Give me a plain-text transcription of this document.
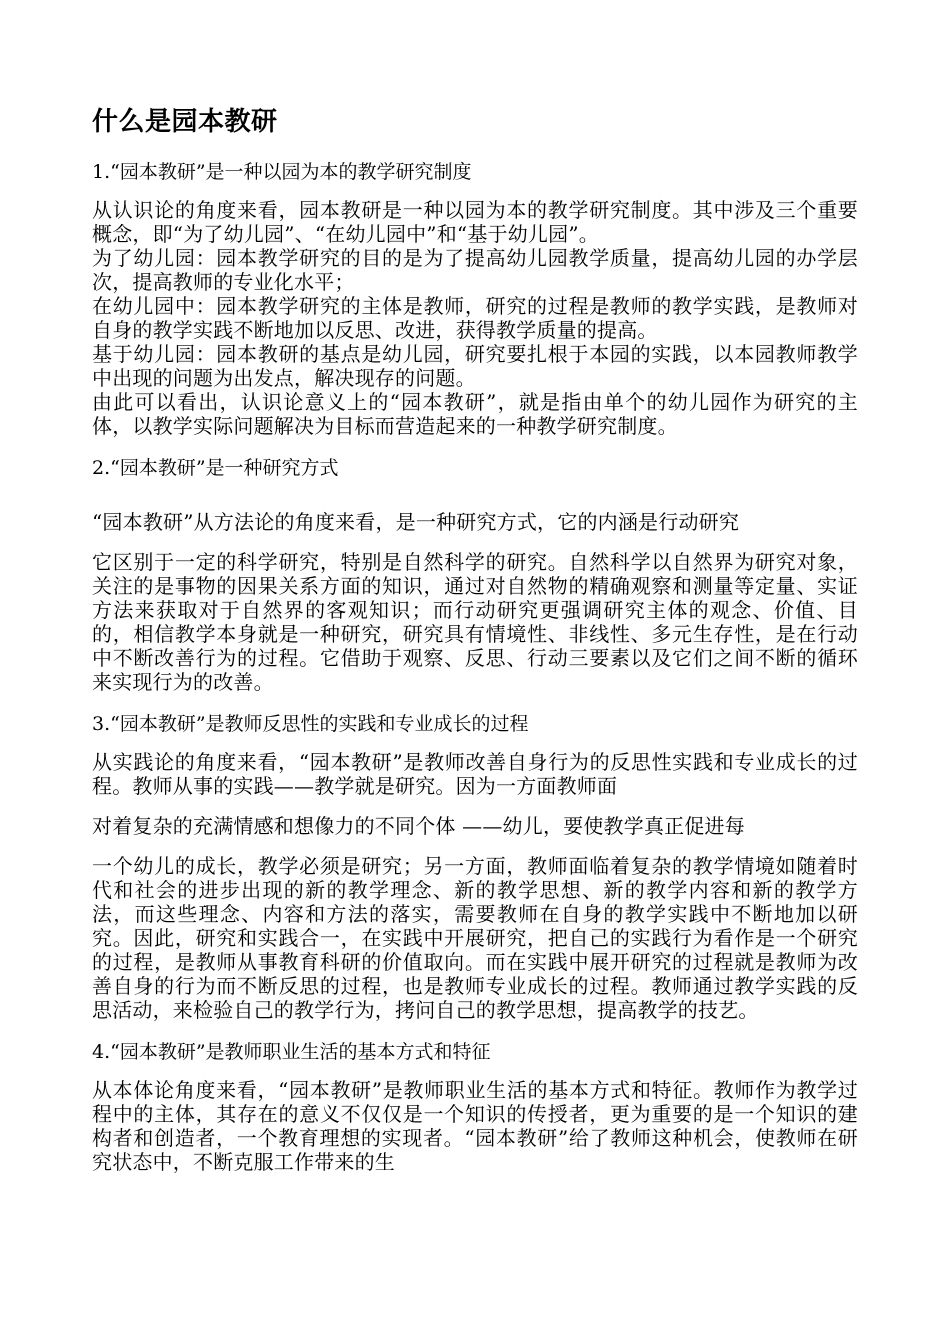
什么是园本教研
1.“园本教研”是一种以园为本的教学研究制度

从认识论的角度来看，园本教研是一种以园为本的教学研究制度。其中涉及三个重要概念，即“为了幼儿园”、“在幼儿园中”和“基于幼儿园”。

为了幼儿园：园本教学研究的目的是为了提高幼儿园教学质量，提高幼儿园的办学层次，提高教师的专业化水平；

在幼儿园中：园本教学研究的主体是教师，研究的过程是教师的教学实践，是教师对自身的教学实践不断地加以反思、改进，获得教学质量的提高。

基于幼儿园：园本教研的基点是幼儿园，研究要扎根于本园的实践，以本园教师教学中出现的问题为出发点，解决现存的问题。

由此可以看出，认识论意义上的“园本教研”，就是指由单个的幼儿园作为研究的主体，以教学实际问题解决为目标而营造起来的一种教学研究制度。

2.“园本教研”是一种研究方式

“园本教研”从方法论的角度来看，是一种研究方式，它的内涵是行动研究

它区别于一定的科学研究，特别是自然科学的研究。自然科学以自然界为研究对象，关注的是事物的因果关系方面的知识，通过对自然物的精确观察和测量等定量、实证方法来获取对于自然界的客观知识；而行动研究更强调研究主体的观念、价值、目的，相信教学本身就是一种研究，研究具有情境性、非线性、多元生存性，是在行动中不断改善行为的过程。它借助于观察、反思、行动三要素以及它们之间不断的循环来实现行为的改善。

3.“园本教研”是教师反思性的实践和专业成长的过程

从实践论的角度来看，“园本教研”是教师改善自身行为的反思性实践和专业成长的过程。教师从事的实践——教学就是研究。因为一方面教师面

对着复杂的充满情感和想像力的不同个体 ——幼儿，要使教学真正促进每

一个幼儿的成长，教学必须是研究；另一方面，教师面临着复杂的教学情境如随着时代和社会的进步出现的新的教学理念、新的教学思想、新的教学内容和新的教学方法，而这些理念、内容和方法的落实，需要教师在自身的教学实践中不断地加以研究。因此，研究和实践合一，在实践中开展研究，把自己的实践行为看作是一个研究的过程，是教师从事教育科研的价值取向。而在实践中展开研究的过程就是教师为改善自身的行为而不断反思的过程，也是教师专业成长的过程。教师通过教学实践的反思活动，来检验自己的教学行为，拷问自己的教学思想，提高教学的技艺。

4.“园本教研”是教师职业生活的基本方式和特征

从本体论角度来看，“园本教研”是教师职业生活的基本方式和特征。教师作为教学过程中的主体，其存在的意义不仅仅是一个知识的传授者，更为重要的是一个知识的建构者和创造者，一个教育理想的实现者。“园本教研”给了教师这种机会，使教师在研究状态中，不断克服工作带来的生
